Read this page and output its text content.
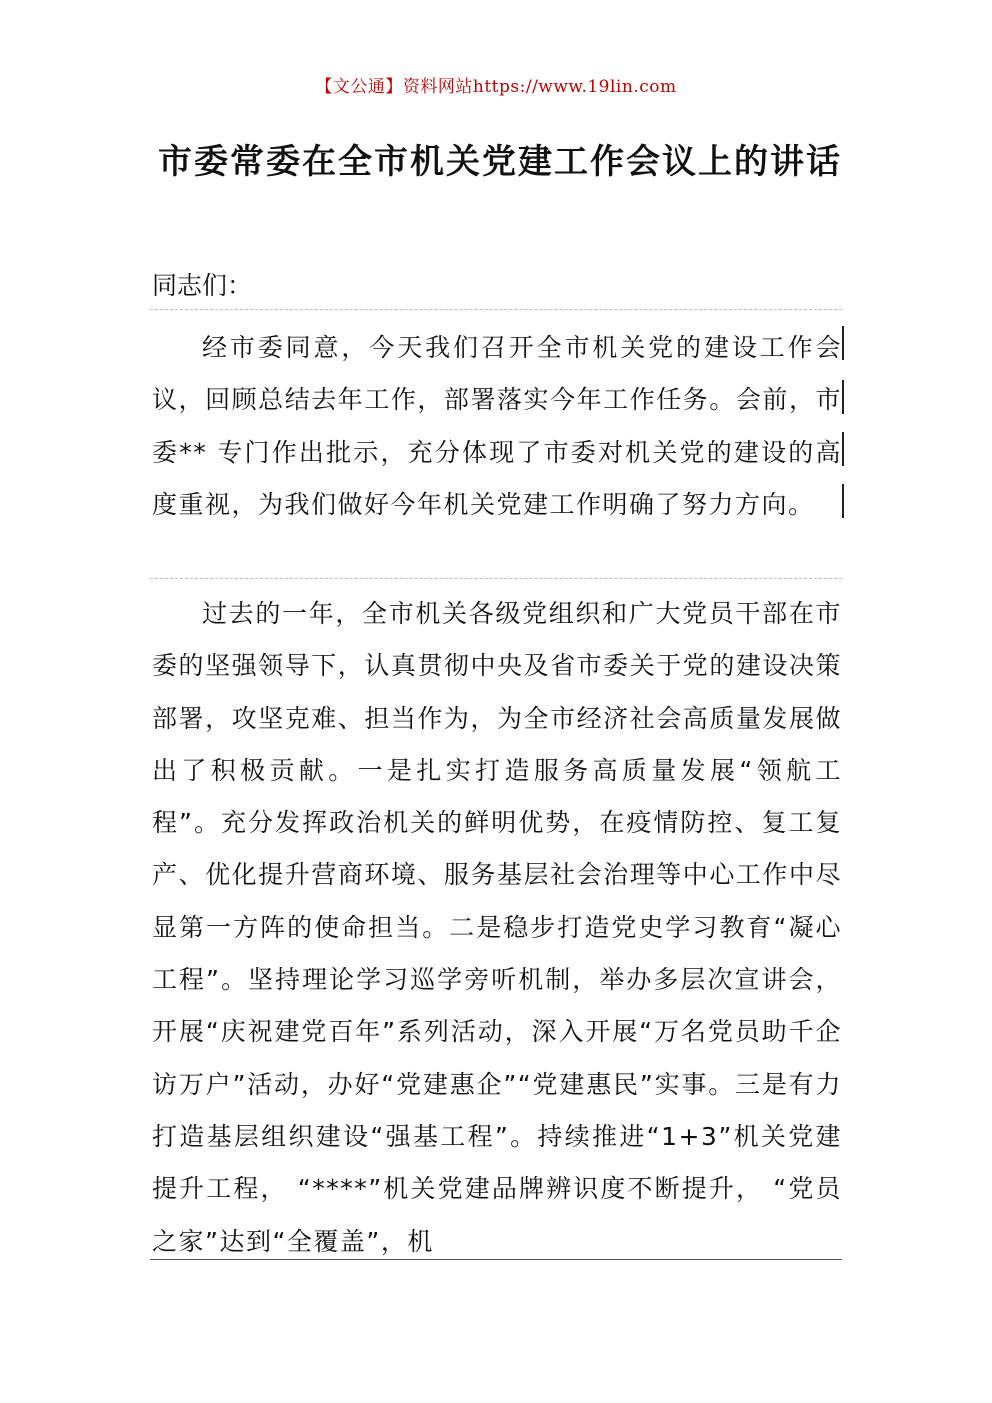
【文公通】资料网站https://www.19lin.com
市委常委在全市机关党建工作会议上的讲话
同志们：
经市委同意，今天我们召开全市机关党的建设工作会议，回顾总结去年工作，部署落实今年工作任务。会前，市委** 专门作出批示，充分体现了市委对机关党的建设的高度重视，为我们做好今年机关党建工作明确了努力方向。
过去的一年，全市机关各级党组织和广大党员干部在市委的坚强领导下，认真贯彻中央及省市委关于党的建设决策部署，攻坚克难、担当作为，为全市经济社会高质量发展做出了积极贡献。一是扎实打造服务高质量发展“领航工程”。充分发挥政治机关的鲜明优势，在疫情防控、复工复产、优化提升营商环境、服务基层社会治理等中心工作中尽显第一方阵的使命担当。二是稳步打造党史学习教育“凝心工程”。坚持理论学习巡学旁听机制，举办多层次宣讲会，开展“庆祝建党百年”系列活动，深入开展“万名党员助千企访万户”活动，办好“党建惠企”“党建惠民”实事。三是有力打造基层组织建设“强基工程”。持续推进“1+3”机关党建提升工程， “****”机关党建品牌辨识度不断提升， “党员之家”达到“全覆盖”，机
